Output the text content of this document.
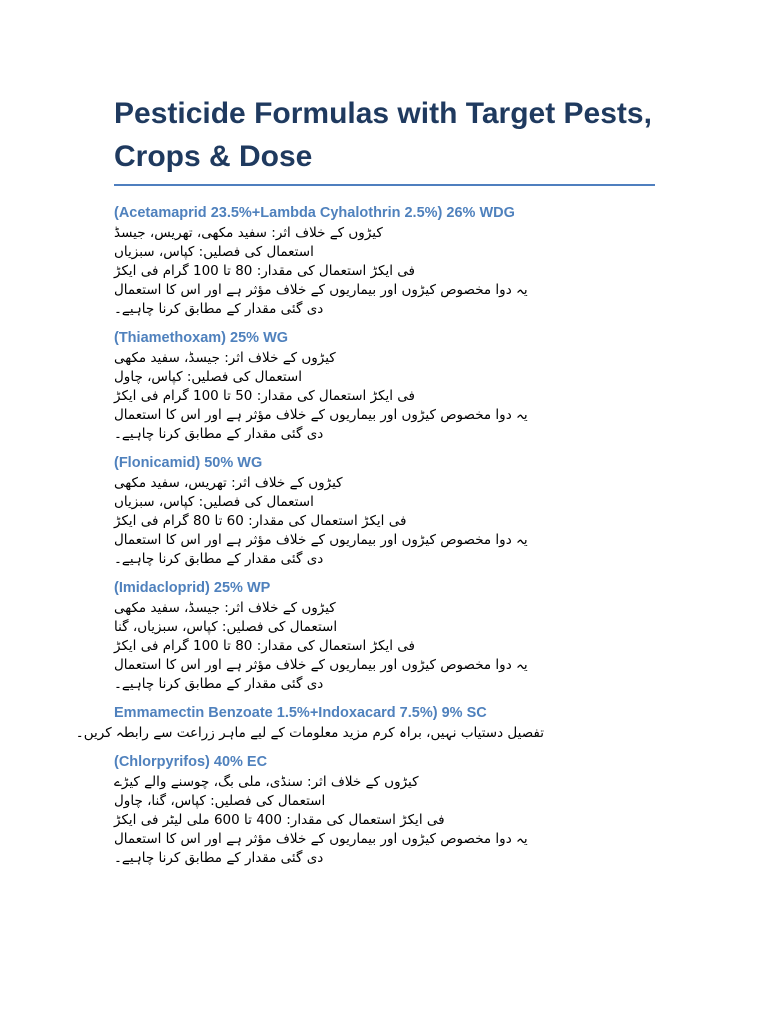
Pesticide Formulas with Target Pests,
Crops & Dose
(Acetamaprid 23.5%+Lambda Cyhalothrin 2.5%) 26% WDG
کیڑوں کے خلاف اثر: سفید مکھی، تھریس، جیسڈ
استعمال کی فصلیں: کپاس، سبزیاں
فی ایکڑ استعمال کی مقدار: 80 تا 100 گرام فی ایکڑ
یہ دوا مخصوص کیڑوں اور بیماریوں کے خلاف مؤثر ہے اور اس کا استعمال دی گئی مقدار کے مطابق کرنا چاہیے۔
(Thiamethoxam) 25% WG
کیڑوں کے خلاف اثر: جیسڈ، سفید مکھی
استعمال کی فصلیں: کپاس، چاول
فی ایکڑ استعمال کی مقدار: 50 تا 100 گرام فی ایکڑ
یہ دوا مخصوص کیڑوں اور بیماریوں کے خلاف مؤثر ہے اور اس کا استعمال دی گئی مقدار کے مطابق کرنا چاہیے۔
(Flonicamid) 50% WG
کیڑوں کے خلاف اثر: تھریس، سفید مکھی
استعمال کی فصلیں: کپاس، سبزیاں
فی ایکڑ استعمال کی مقدار: 60 تا 80 گرام فی ایکڑ
یہ دوا مخصوص کیڑوں اور بیماریوں کے خلاف مؤثر ہے اور اس کا استعمال دی گئی مقدار کے مطابق کرنا چاہیے۔
(Imidacloprid) 25% WP
کیڑوں کے خلاف اثر: جیسڈ، سفید مکھی
استعمال کی فصلیں: کپاس، سبزیاں، گنا
فی ایکڑ استعمال کی مقدار: 80 تا 100 گرام فی ایکڑ
یہ دوا مخصوص کیڑوں اور بیماریوں کے خلاف مؤثر ہے اور اس کا استعمال دی گئی مقدار کے مطابق کرنا چاہیے۔
Emmamectin Benzoate 1.5%+Indoxacard 7.5%) 9% SC
تفصیل دستیاب نہیں، براہ کرم مزید معلومات کے لیے ماہر زراعت سے رابطہ کریں۔
(Chlorpyrifos) 40% EC
کیڑوں کے خلاف اثر: سنڈی، ملی بگ، چوسنے والے کیڑے
استعمال کی فصلیں: کپاس، گنا، چاول
فی ایکڑ استعمال کی مقدار: 400 تا 600 ملی لیٹر فی ایکڑ
یہ دوا مخصوص کیڑوں اور بیماریوں کے خلاف مؤثر ہے اور اس کا استعمال دی گئی مقدار کے مطابق کرنا چاہیے۔
